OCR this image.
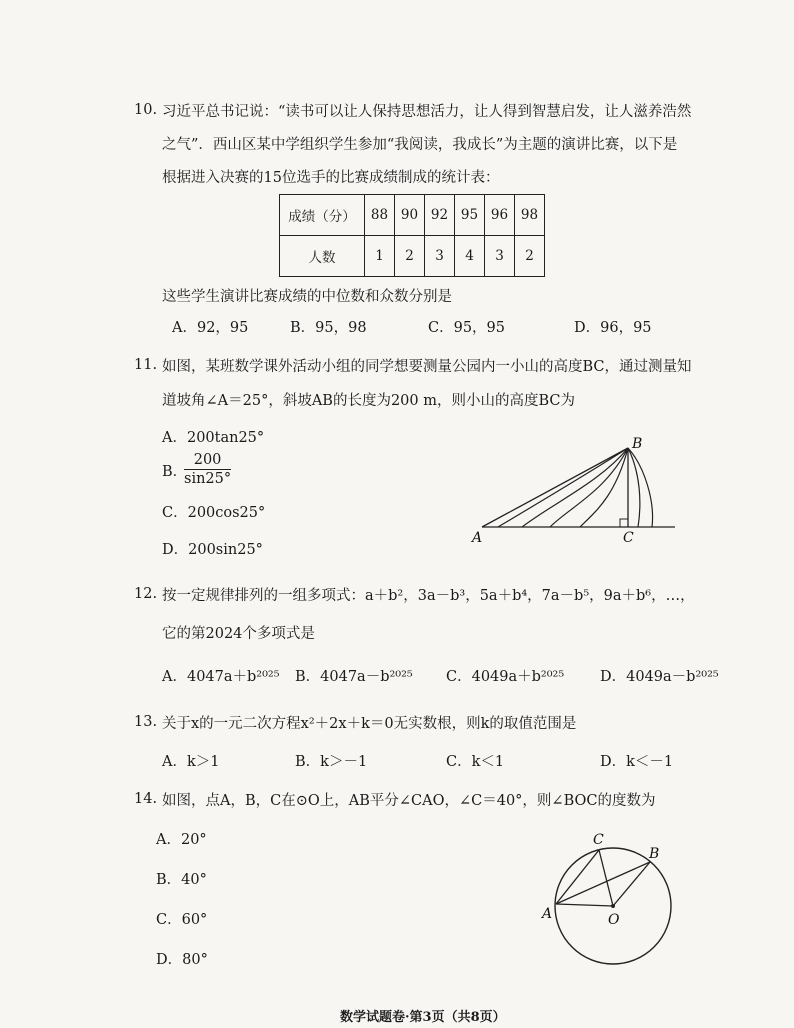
10. 习近平总书记说：“读书可以让人保持思想活力，让人得到智慧启发，让人滋养浩然
之气”．西山区某中学组织学生参加“我阅读，我成长”为主题的演讲比赛，以下是
根据进入决赛的15位选手的比赛成绩制成的统计表：
成绩（分）	88	90	92	95	96	98
人数	1	2	3	4	3	2
这些学生演讲比赛成绩的中位数和众数分别是
A．92，95	B．95，98	C．95，95	D．96，95
11. 如图，某班数学课外活动小组的同学想要测量公园内一小山的高度BC，通过测量知
道坡角∠A＝25°，斜坡AB的长度为200 m，则小山的高度BC为
A．200tan25°
B．
$\frac{200}{\sin 25^\circ}$
C．200cos25°
D．200sin25°
A
B
C
12. 按一定规律排列的一组多项式：a＋b²，3a－b³，5a＋b⁴，7a－b⁵，9a＋b⁶，…，
它的第2024个多项式是
A．4047a＋b²⁰²⁵ B．4047a－b²⁰²⁵ C．4049a＋b²⁰²⁵ D．4049a－b²⁰²⁵
13. 关于x的一元二次方程x²＋2x＋k＝0无实数根，则k的取值范围是
A．k＞1	B．k＞－1	C．k＜1	D．k＜－1
14. 如图，点A，B，C在⊙O上，AB平分∠CAO，∠C＝40°，则∠BOC的度数为
A．20°
B．40°
C．60°
D．80°
C
B
A	O
数学试题卷·第3页（共8页）
